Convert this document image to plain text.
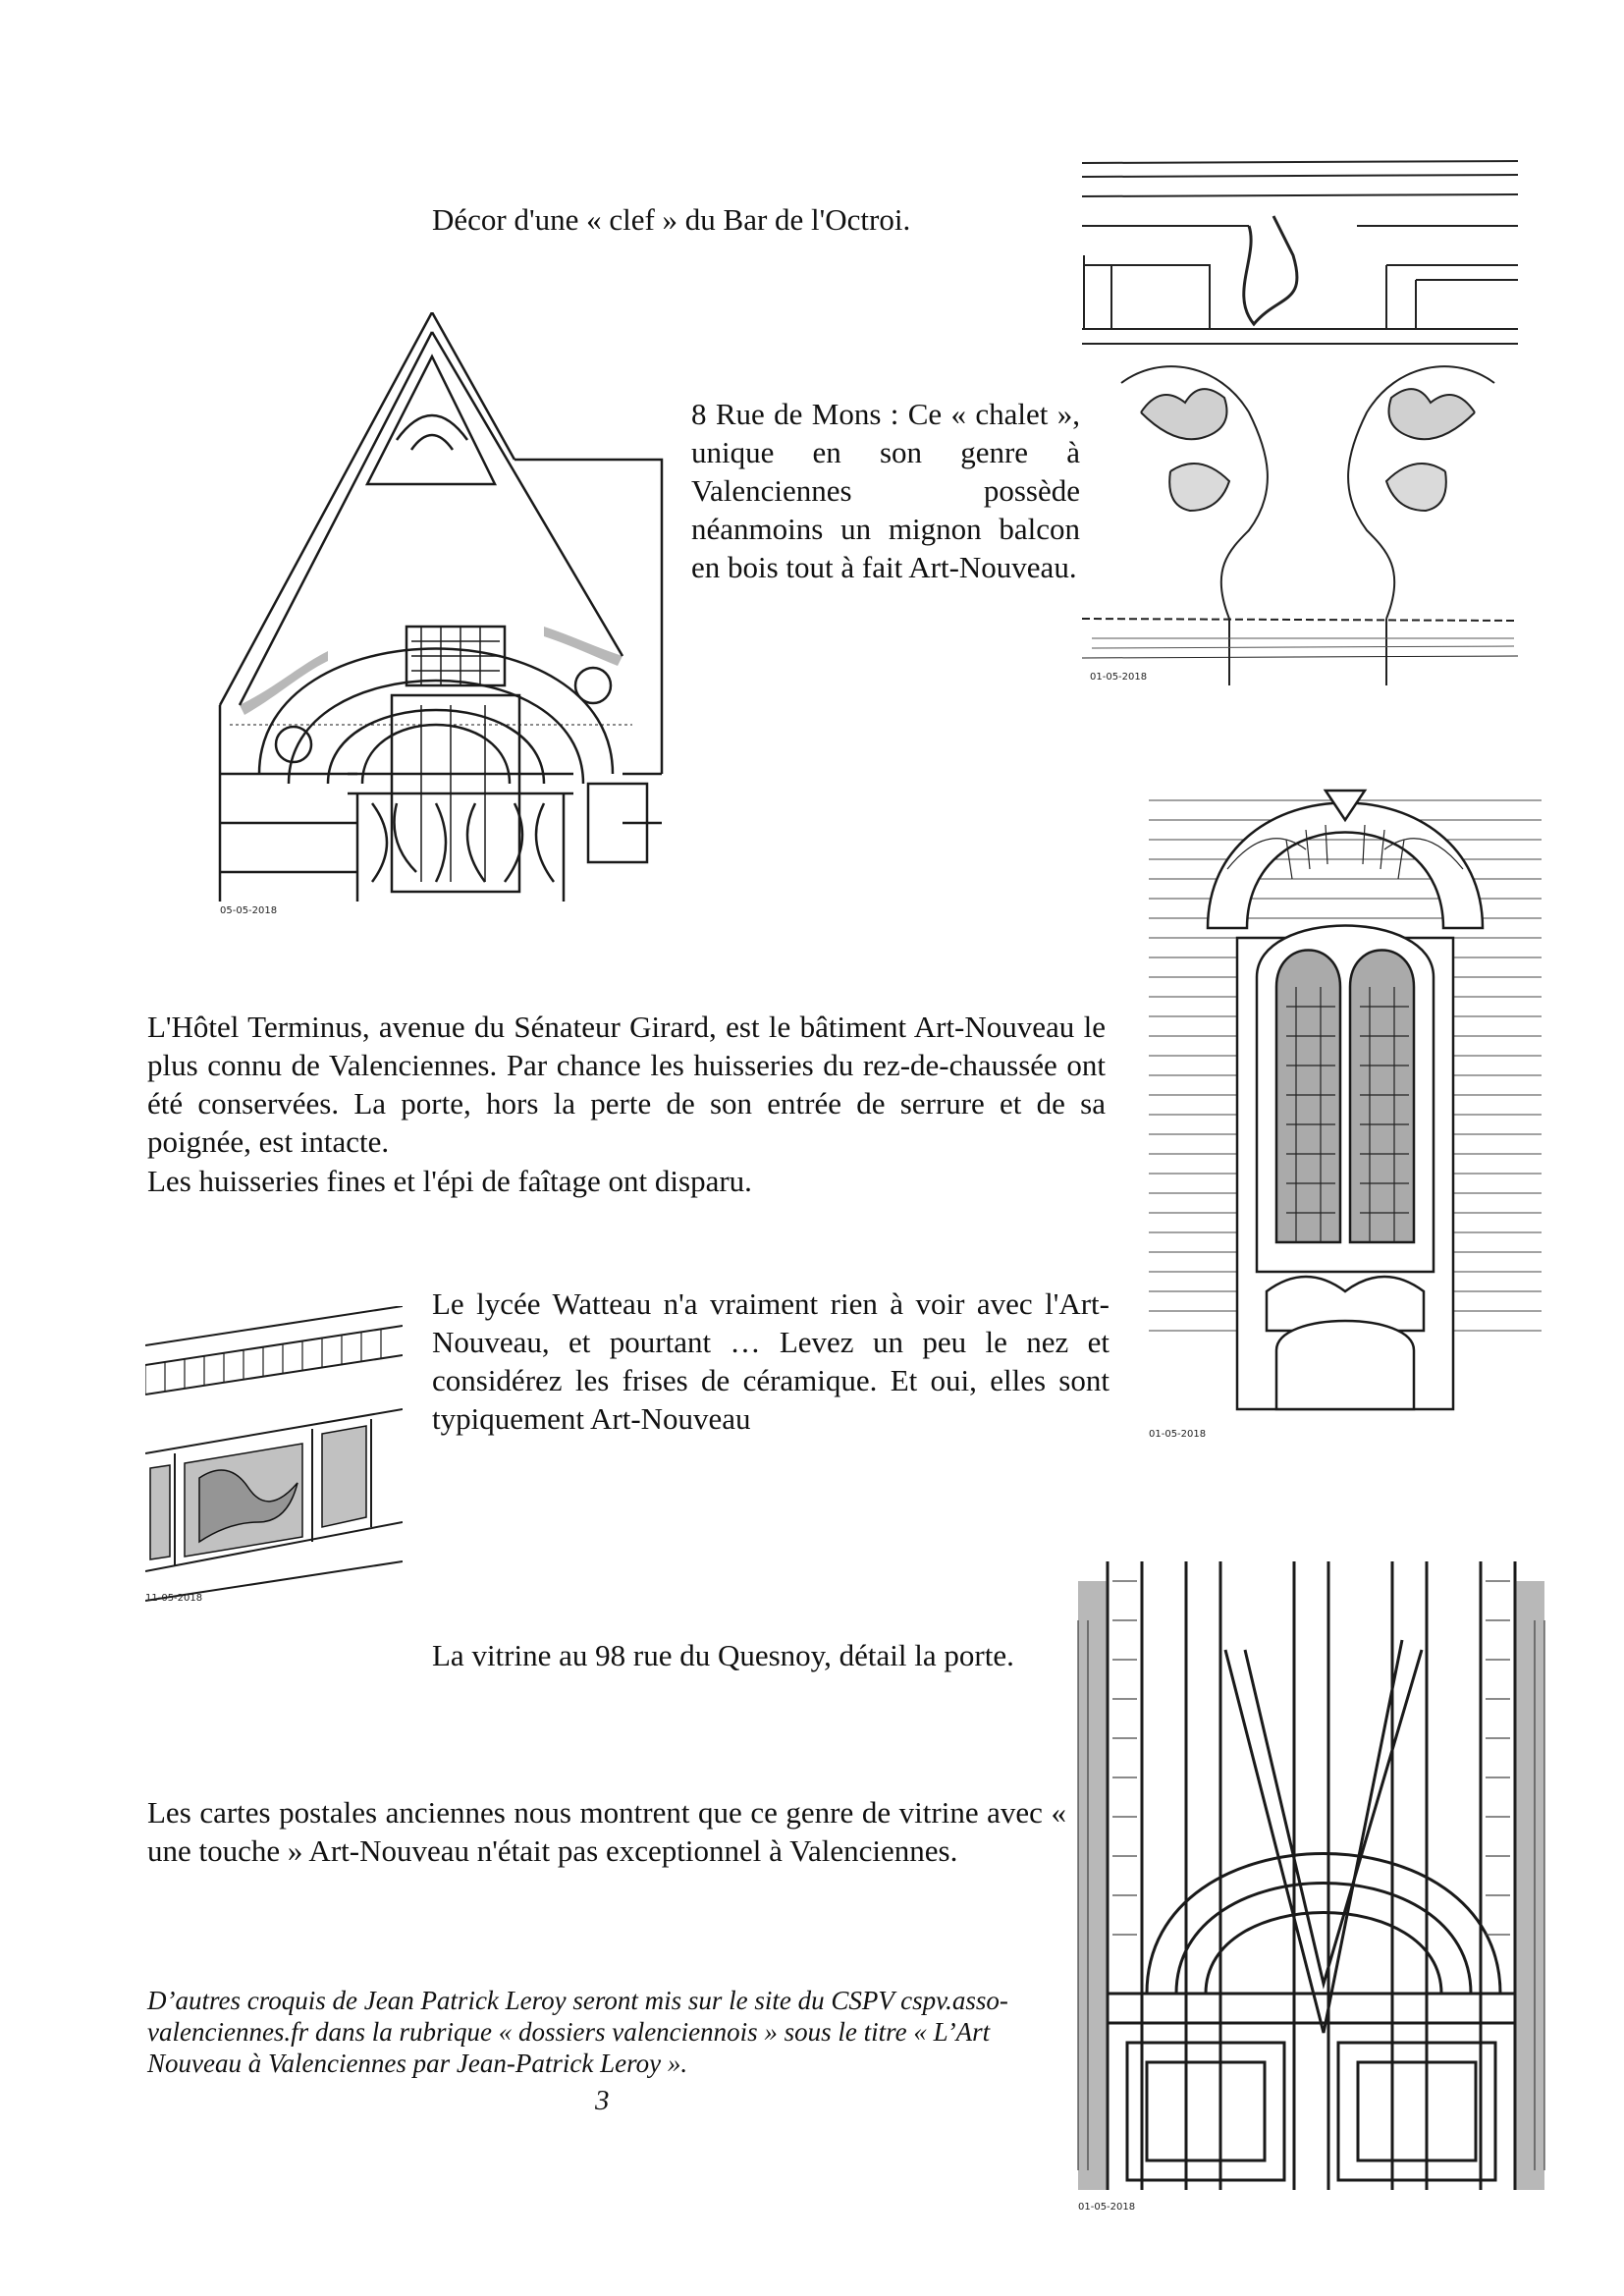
Décor d'une « clef » du Bar de l'Octroi.

01-05-2018
05-05-2018

8 Rue de Mons : Ce « chalet », unique en son genre à Valenciennes possède néanmoins un mignon balcon en bois tout à fait Art-Nouveau.

01-05-2018

L'Hôtel Terminus, avenue du Sénateur Girard, est le bâtiment Art-Nouveau le plus connu de Valenciennes. Par chance les huisseries du rez-de-chaussée ont été conservées. La porte, hors la perte de son entrée de serrure et de sa poignée, est intacte.

Les huisseries fines et l'épi de faîtage ont disparu.

11-05-2018

Le lycée Watteau n'a vraiment rien à voir avec l'Art-Nouveau, et pourtant … Levez un peu le nez et considérez les frises de céramique. Et oui, elles sont typiquement Art-Nouveau

La vitrine au 98 rue du Quesnoy, détail la porte.

01-05-2018

Les cartes postales anciennes nous montrent que ce genre de vitrine avec « une touche » Art-Nouveau n'était pas exceptionnel à Valenciennes.

D’autres croquis de Jean Patrick Leroy seront mis sur le site du CSPV cspv.asso-valenciennes.fr dans la rubrique « dossiers valenciennois » sous le titre « L’Art Nouveau à Valenciennes par Jean-Patrick Leroy ».

3
